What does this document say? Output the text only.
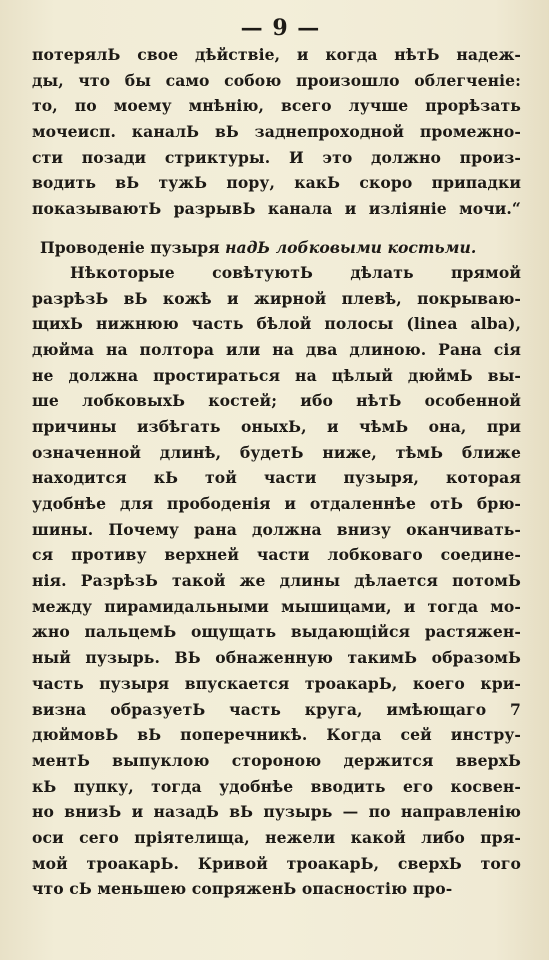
— 9 —
потерялЬ свое дѣйствіе, и когда нѣтЬ надеж-
ды, что бы само собою произошло облегченіе:
то, по моему мнѣнію, всего лучше прорѣзать
мочеисп. каналЬ вЬ заднепроходной промежно-
сти позади стриктуры. И это должно произ-
водить вЬ тужЬ пору, какЬ скоро припадки
показываютЬ разрывЬ канала и изліяніе мочи.“
Проводеніе пузыря надЬ лобковыми костьми.
Нѣкоторые совѣтуютЬ дѣлать прямой
разрѣзЬ вЬ кожѣ и жирной плевѣ, покрываю-
щихЬ нижнюю часть бѣлой полосы (linea alba),
дюйма на полтора или на два длиною. Рана сія
не должна простираться на цѣлый дюймЬ вы-
ше лобковыхЬ костей; ибо нѣтЬ особенной
причины избѣгать оныхЬ, и чѣмЬ она, при
означенной длинѣ, будетЬ ниже, тѣмЬ ближе
находится кЬ той части пузыря, которая
удобнѣе для прободенія и отдаленнѣе отЬ брю-
шины. Почему рана должна внизу оканчивать-
ся противу верхней части лобковаго соедине-
нія. РазрѣзЬ такой же длины дѣлается потомЬ
между пирамидальными мышицами, и тогда мо-
жно пальцемЬ ощущать выдающійся растяжен-
ный пузырь. ВЬ обнаженную такимЬ образомЬ
часть пузыря впускается троакарЬ, коего кри-
визна образуетЬ часть круга, имѣющаго 7
дюймовЬ вЬ поперечникѣ. Когда сей инстру-
ментЬ выпуклою стороною держится вверхЬ
кЬ пупку, тогда удобнѣе вводить его косвен-
но внизЬ и назадЬ вЬ пузырь — по направленію
оси сего пріятелища, нежели какой либо пря-
мой троакарЬ. Кривой троакарЬ, сверхЬ того
что сЬ меньшею сопряженЬ опасностію про-
